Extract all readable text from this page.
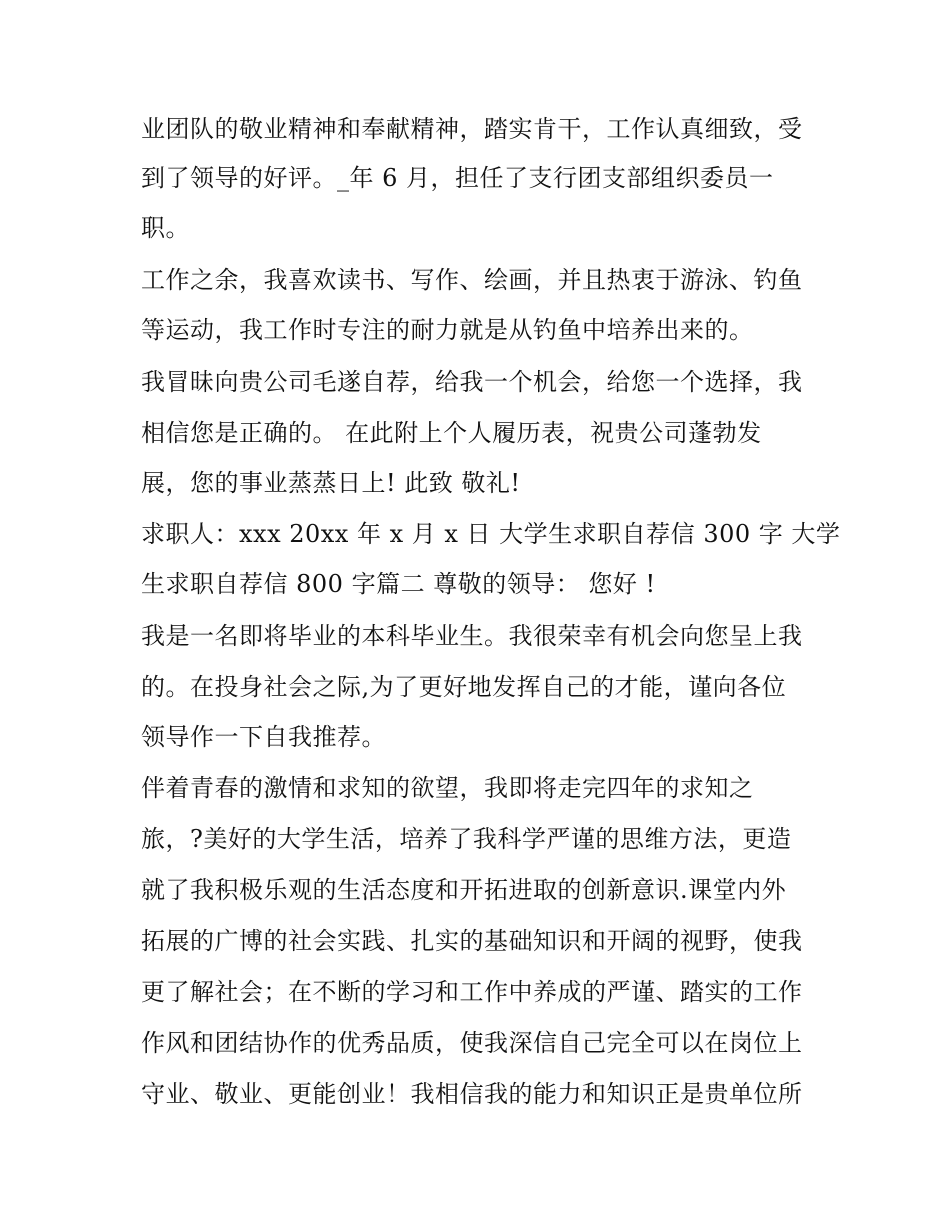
业团队的敬业精神和奉献精神，踏实肯干，工作认真细致，受
到了领导的好评。_年 6 月，担任了支行团支部组织委员一
职。
工作之余，我喜欢读书、写作、绘画，并且热衷于游泳、钓鱼
等运动，我工作时专注的耐力就是从钓鱼中培养出来的。
我冒昧向贵公司毛遂自荐，给我一个机会，给您一个选择，我
相信您是正确的。 在此附上个人履历表，祝贵公司蓬勃发
展，您的事业蒸蒸日上! 此致 敬礼!
求职人：xxx 20xx 年 x 月 x 日 大学生求职自荐信 300 字 大学
生求职自荐信 800 字篇二 尊敬的领导： 您好 !
我是一名即将毕业的本科毕业生。我很荣幸有机会向您呈上我
的。在投身社会之际,为了更好地发挥自己的才能，谨向各位
领导作一下自我推荐。
伴着青春的激情和求知的欲望，我即将走完四年的求知之
旅，?美好的大学生活，培养了我科学严谨的思维方法，更造
就了我积极乐观的生活态度和开拓进取的创新意识.课堂内外
拓展的广博的社会实践、扎实的基础知识和开阔的视野，使我
更了解社会；在不断的学习和工作中养成的严谨、踏实的工作
作风和团结协作的优秀品质，使我深信自己完全可以在岗位上
守业、敬业、更能创业！我相信我的能力和知识正是贵单位所
